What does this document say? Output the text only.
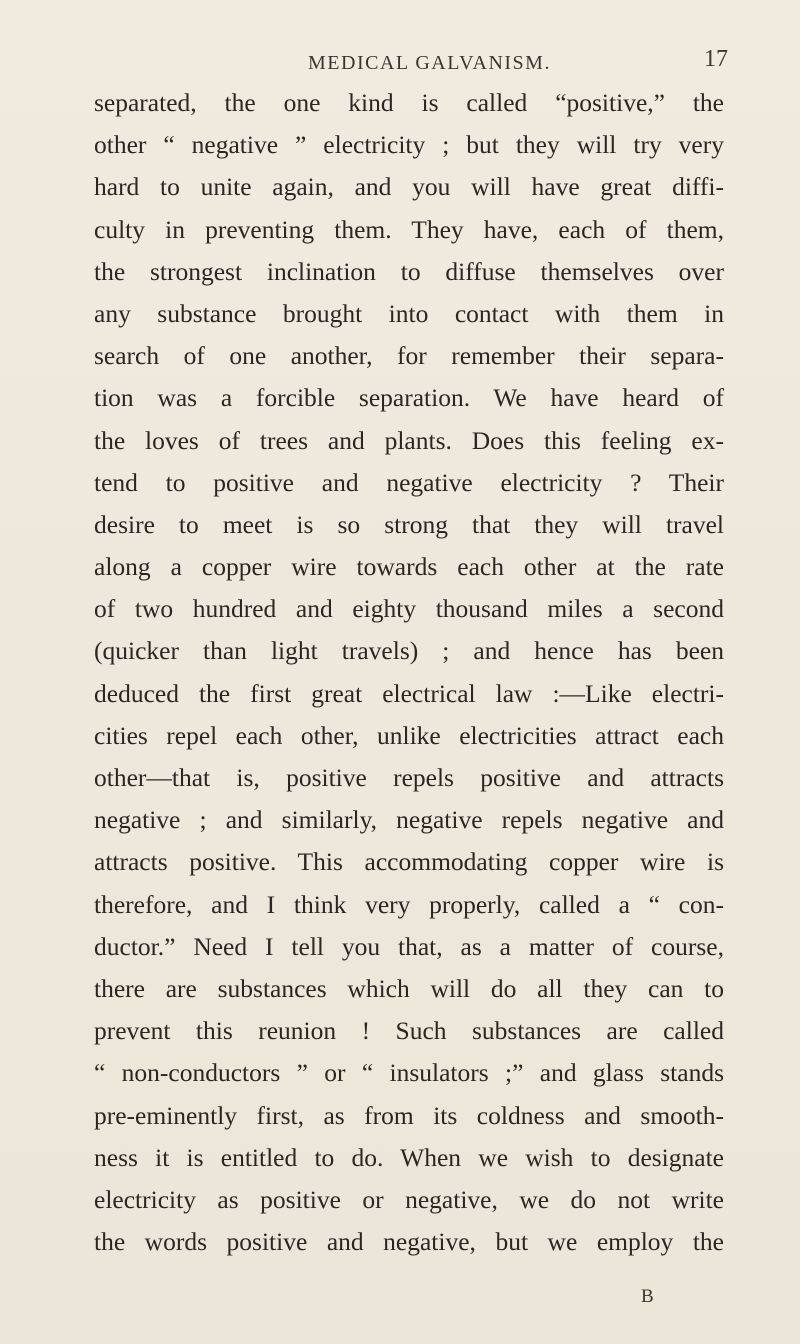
MEDICAL GALVANISM.	17
separated, the one kind is called “positive,” the
other “ negative ” electricity ; but they will try very
hard to unite again, and you will have great diffi-
culty in preventing them. They have, each of them,
the strongest inclination to diffuse themselves over
any substance brought into contact with them in
search of one another, for remember their separa-
tion was a forcible separation. We have heard of
the loves of trees and plants. Does this feeling ex-
tend to positive and negative electricity ? Their
desire to meet is so strong that they will travel
along a copper wire towards each other at the rate
of two hundred and eighty thousand miles a second
(quicker than light travels) ; and hence has been
deduced the first great electrical law :—Like electri-
cities repel each other, unlike electricities attract each
other—that is, positive repels positive and attracts
negative ; and similarly, negative repels negative and
attracts positive. This accommodating copper wire is
therefore, and I think very properly, called a “ con-
ductor.” Need I tell you that, as a matter of course,
there are substances which will do all they can to
prevent this reunion ! Such substances are called
“ non-conductors ” or “ insulators ;” and glass stands
pre-eminently first, as from its coldness and smooth-
ness it is entitled to do. When we wish to designate
electricity as positive or negative, we do not write
the words positive and negative, but we employ the
B
